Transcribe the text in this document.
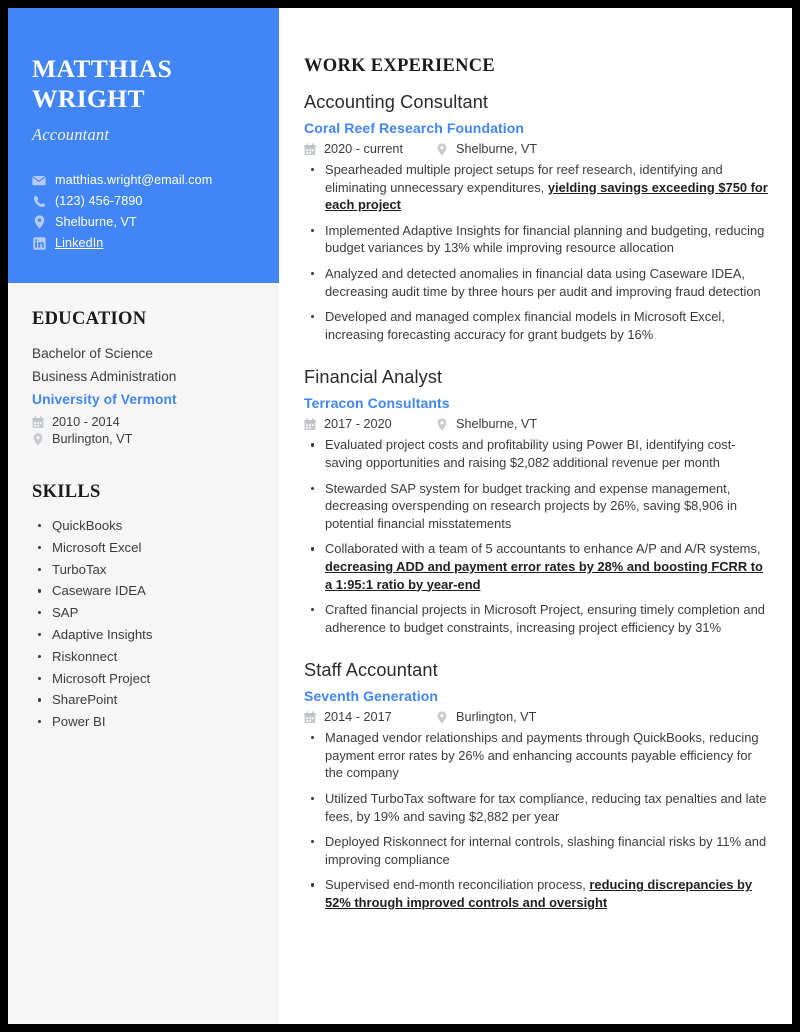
MATTHIAS WRIGHT
Accountant
matthias.wright@email.com
(123) 456-7890
Shelburne, VT
LinkedIn
EDUCATION
Bachelor of Science
Business Administration
University of Vermont
2010 - 2014
Burlington, VT
SKILLS
QuickBooks
Microsoft Excel
TurboTax
Caseware IDEA
SAP
Adaptive Insights
Riskonnect
Microsoft Project
SharePoint
Power BI
WORK EXPERIENCE
Accounting Consultant
Coral Reef Research Foundation
2020 - current	Shelburne, VT
Spearheaded multiple project setups for reef research, identifying and eliminating unnecessary expenditures, yielding savings exceeding $750 for each project
Implemented Adaptive Insights for financial planning and budgeting, reducing budget variances by 13% while improving resource allocation
Analyzed and detected anomalies in financial data using Caseware IDEA, decreasing audit time by three hours per audit and improving fraud detection
Developed and managed complex financial models in Microsoft Excel, increasing forecasting accuracy for grant budgets by 16%
Financial Analyst
Terracon Consultants
2017 - 2020	Shelburne, VT
Evaluated project costs and profitability using Power BI, identifying cost-saving opportunities and raising $2,082 additional revenue per month
Stewarded SAP system for budget tracking and expense management, decreasing overspending on research projects by 26%, saving $8,906 in potential financial misstatements
Collaborated with a team of 5 accountants to enhance A/P and A/R systems, decreasing ADD and payment error rates by 28% and boosting FCRR to a 1:95:1 ratio by year-end
Crafted financial projects in Microsoft Project, ensuring timely completion and adherence to budget constraints, increasing project efficiency by 31%
Staff Accountant
Seventh Generation
2014 - 2017	Burlington, VT
Managed vendor relationships and payments through QuickBooks, reducing payment error rates by 26% and enhancing accounts payable efficiency for the company
Utilized TurboTax software for tax compliance, reducing tax penalties and late fees, by 19% and saving $2,882 per year
Deployed Riskonnect for internal controls, slashing financial risks by 11% and improving compliance
Supervised end-month reconciliation process, reducing discrepancies by 52% through improved controls and oversight
